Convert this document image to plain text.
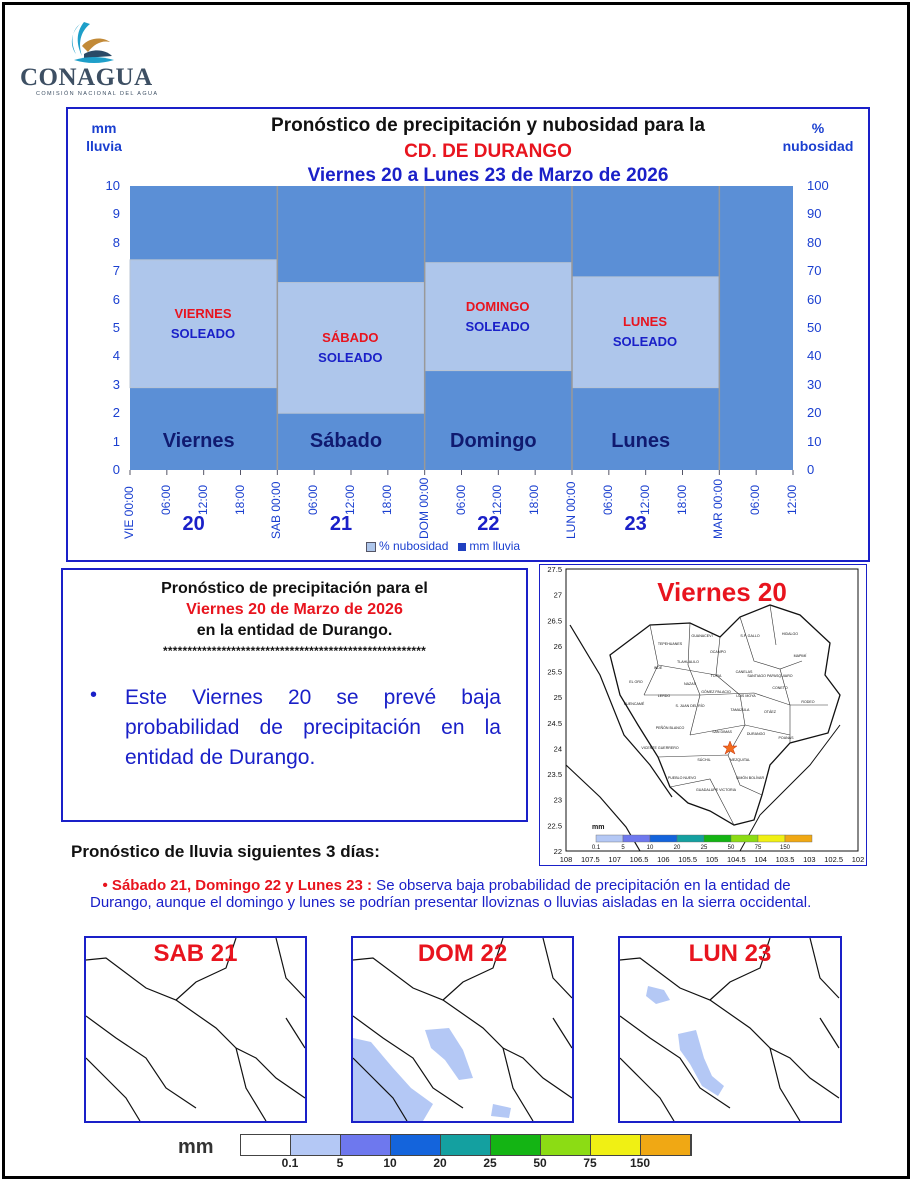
CONAGUA
COMISIÓN NACIONAL DEL AGUA
Pronóstico de precipitación y nubosidad para la
CD. DE DURANGO
Viernes 20 a Lunes 23 de Marzo de 2026
mm
lluvia
%
nubosidad
10
9
8
7
6
5
4
3
2
1
0
100
90
80
70
60
50
40
30
20
10
0
VIE 00:00 06:00 12:00 18:00 SAB 00:00 06:00 12:00 18:00 DOM 00:00 06:00 12:00 18:00 LUN 00:00 06:00 12:00 18:00 MAR 00:00 06:00 12:00
20	21	22	23
Viernes	Sábado	Domingo	Lunes
VIERNES
SOLEADO	SÁBADO
SOLEADO
DOMINGO
SOLEADO	LUNES
SOLEADO
% nubosidad mm lluvia
Pronóstico de precipitación para el
Viernes 20 de Marzo de 2026
en la entidad de Durango.
******************************************************
• Este Viernes 20 se prevé baja probabilidad de precipitación en la entidad de Durango.
27.5
27
26.5
26
25.5
25
24.5
24
23.5
23
22.5
22
108 107.5 107 106.5 106 105.5 105 104.5 104 103.5 103 102.5 102
Viernes 20
GUANACEVÍ
TEPEHUANES
OCAMPO
S.P. GALLO	HIDALGO
MAPIMÍ
TLAHUALILO
INDÉ
EL ORO
TOPIA
CANELAS
SANTIAGO PAPASQUIARO
NAZAS
LERDO
GÓMEZ PALACIO
LUIS MOYA
CONETO
RODEO
CUENCAMÉ	S. JUAN DEL RÍO
TAMAZULA	OTÁEZ
PEÑÓN BLANCO
SAN DIMAS	DURANGO
POANAS
VICENTE GUERRERO
SÚCHIL	MEZQUITAL
PUEBLO NUEVO
GUADALUPE VICTORIA
SIMÓN BOLÍVAR
mm
0.1	5	10	20	25	50	75	150
Pronóstico de lluvia siguientes 3 días:
• Sábado 21, Domingo 22 y Lunes 23 : Se observa baja probabilidad de precipitación en la entidad de Durango, aunque el domingo y lunes se podrían presentar lloviznas o lluvias aisladas en la sierra occidental.
SAB 21	DOM 22	LUN 23
mm
0.1	5	10	20	25	50	75	150
